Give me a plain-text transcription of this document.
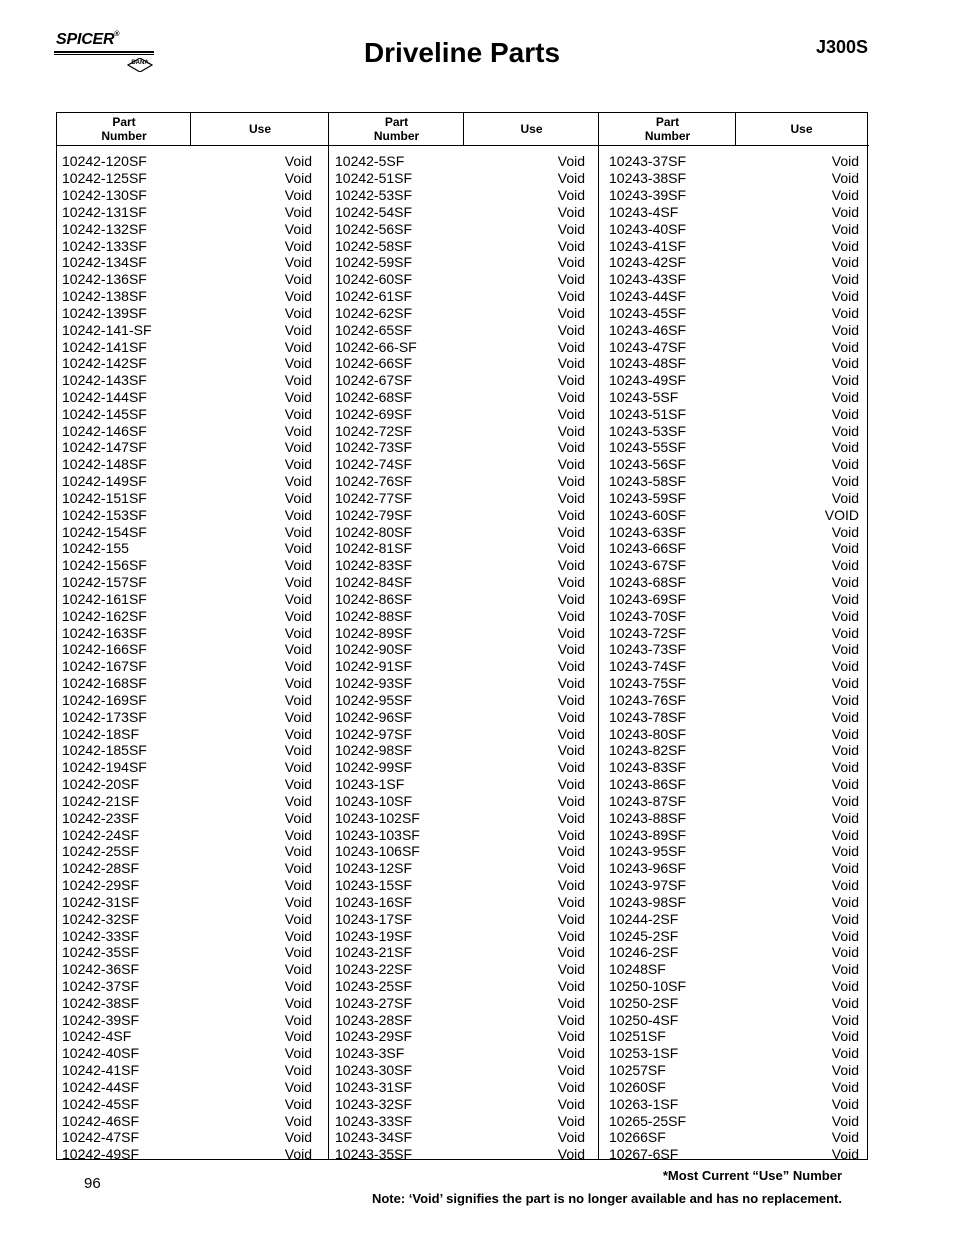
SPICER®
DANA	Driveline Parts	J300S
Part
Number	Use	Part
Number	Use	Part
Number	Use
10242-120SF	Void
10242-125SF	Void
10242-130SF	Void
10242-131SF	Void
10242-132SF	Void
10242-133SF	Void
10242-134SF	Void
10242-136SF	Void
10242-138SF	Void
10242-139SF	Void
10242-141-SF	Void
10242-141SF	Void
10242-142SF	Void
10242-143SF	Void
10242-144SF	Void
10242-145SF	Void
10242-146SF	Void
10242-147SF	Void
10242-148SF	Void
10242-149SF	Void
10242-151SF	Void
10242-153SF	Void
10242-154SF	Void
10242-155	Void
10242-156SF	Void
10242-157SF	Void
10242-161SF	Void
10242-162SF	Void
10242-163SF	Void
10242-166SF	Void
10242-167SF	Void
10242-168SF	Void
10242-169SF	Void
10242-173SF	Void
10242-18SF	Void
10242-185SF	Void
10242-194SF	Void
10242-20SF	Void
10242-21SF	Void
10242-23SF	Void
10242-24SF	Void
10242-25SF	Void
10242-28SF	Void
10242-29SF	Void
10242-31SF	Void
10242-32SF	Void
10242-33SF	Void
10242-35SF	Void
10242-36SF	Void
10242-37SF	Void
10242-38SF	Void
10242-39SF	Void
10242-4SF	Void
10242-40SF	Void
10242-41SF	Void
10242-44SF	Void
10242-45SF	Void
10242-46SF	Void
10242-47SF	Void
10242-49SF	Void
10242-5SF	Void
10242-51SF	Void
10242-53SF	Void
10242-54SF	Void
10242-56SF	Void
10242-58SF	Void
10242-59SF	Void
10242-60SF	Void
10242-61SF	Void
10242-62SF	Void
10242-65SF	Void
10242-66-SF	Void
10242-66SF	Void
10242-67SF	Void
10242-68SF	Void
10242-69SF	Void
10242-72SF	Void
10242-73SF	Void
10242-74SF	Void
10242-76SF	Void
10242-77SF	Void
10242-79SF	Void
10242-80SF	Void
10242-81SF	Void
10242-83SF	Void
10242-84SF	Void
10242-86SF	Void
10242-88SF	Void
10242-89SF	Void
10242-90SF	Void
10242-91SF	Void
10242-93SF	Void
10242-95SF	Void
10242-96SF	Void
10242-97SF	Void
10242-98SF	Void
10242-99SF	Void
10243-1SF	Void
10243-10SF	Void
10243-102SF	Void
10243-103SF	Void
10243-106SF	Void
10243-12SF	Void
10243-15SF	Void
10243-16SF	Void
10243-17SF	Void
10243-19SF	Void
10243-21SF	Void
10243-22SF	Void
10243-25SF	Void
10243-27SF	Void
10243-28SF	Void
10243-29SF	Void
10243-3SF	Void
10243-30SF	Void
10243-31SF	Void
10243-32SF	Void
10243-33SF	Void
10243-34SF	Void
10243-35SF	Void
10243-37SF	Void
10243-38SF	Void
10243-39SF	Void
10243-4SF	Void
10243-40SF	Void
10243-41SF	Void
10243-42SF	Void
10243-43SF	Void
10243-44SF	Void
10243-45SF	Void
10243-46SF	Void
10243-47SF	Void
10243-48SF	Void
10243-49SF	Void
10243-5SF	Void
10243-51SF	Void
10243-53SF	Void
10243-55SF	Void
10243-56SF	Void
10243-58SF	Void
10243-59SF	Void
10243-60SF	VOID
10243-63SF	Void
10243-66SF	Void
10243-67SF	Void
10243-68SF	Void
10243-69SF	Void
10243-70SF	Void
10243-72SF	Void
10243-73SF	Void
10243-74SF	Void
10243-75SF	Void
10243-76SF	Void
10243-78SF	Void
10243-80SF	Void
10243-82SF	Void
10243-83SF	Void
10243-86SF	Void
10243-87SF	Void
10243-88SF	Void
10243-89SF	Void
10243-95SF	Void
10243-96SF	Void
10243-97SF	Void
10243-98SF	Void
10244-2SF	Void
10245-2SF	Void
10246-2SF	Void
10248SF	Void
10250-10SF	Void
10250-2SF	Void
10250-4SF	Void
10251SF	Void
10253-1SF	Void
10257SF	Void
10260SF	Void
10263-1SF	Void
10265-25SF	Void
10266SF	Void
10267-6SF	Void
96	*Most Current “Use” Number
Note: ‘Void’ signifies the part is no longer available and has no replacement.
